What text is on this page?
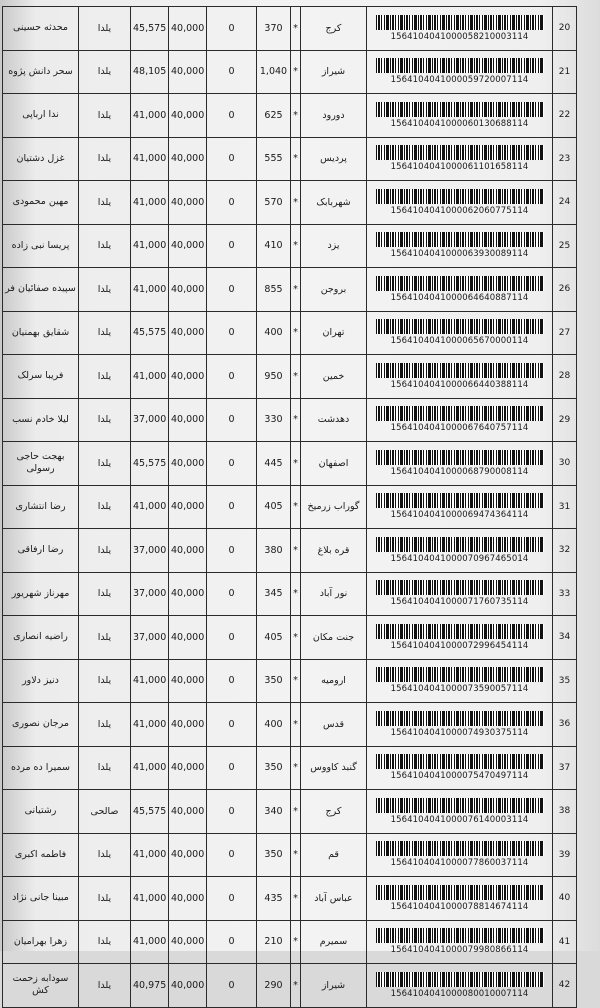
محدثه حسینی	یلدا	45,575	40,000	0	370	*	کرج	1564104041000058210003114	20
سحر دانش پژوه	یلدا	48,105	40,000	0	1,040	*	شیراز	1564104041000059720007114	21
ندا ارباپی	یلدا	41,000	40,000	0	625	*	دورود	1564104041000060130688114	22
غزل دشتیان	یلدا	41,000	40,000	0	555	*	پردیس	1564104041000061101658114	23
مهین محمودی	یلدا	41,000	40,000	0	570	*	شهربابک	1564104041000062060775114	24
پریسا نبی زاده	یلدا	41,000	40,000	0	410	*	یزد	1564104041000063930089114	25
سپیده صفائیان فر	یلدا	41,000	40,000	0	855	*	بروجن	1564104041000064640887114	26
شقایق بهمنیان	یلدا	45,575	40,000	0	400	*	تهران	1564104041000065670000114	27
فریبا سرلک	یلدا	41,000	40,000	0	950	*	خمین	1564104041000066440388114	28
لیلا خادم نسب	یلدا	37,000	40,000	0	330	*	دهدشت	1564104041000067640757114	29
بهجت حاجی رسولی	یلدا	45,575	40,000	0	445	*	اصفهان	1564104041000068790008114	30
رضا انتشاری	یلدا	41,000	40,000	0	405	*	گوراب زرمیخ	1564104041000069474364114	31
رضا ارفاقی	یلدا	37,000	40,000	0	380	*	قره بلاغ	1564104041000070967465014	32
مهرناز شهریور	یلدا	37,000	40,000	0	345	*	نور آباد	1564104041000071760735114	33
راضیه انصاری	یلدا	37,000	40,000	0	405	*	جنت مکان	1564104041000072996454114	34
دنیز دلاور	یلدا	41,000	40,000	0	350	*	ارومیه	1564104041000073590057114	35
مرجان نصوری	یلدا	41,000	40,000	0	400	*	قدس	1564104041000074930375114	36
سمیرا ده مرده	یلدا	41,000	40,000	0	350	*	گنبد کاووس	1564104041000075470497114	37
رشتیانی	صالحی	45,575	40,000	0	340	*	کرج	1564104041000076140003114	38
فاطمه اکبری	یلدا	41,000	40,000	0	350	*	قم	1564104041000077860037114	39
مبینا جانی نژاد	یلدا	41,000	40,000	0	435	*	عباس آباد	1564104041000078814674114	40
زهرا بهرامیان	یلدا	41,000	40,000	0	210	*	سمیرم	1564104041000079980866114	41
سودابه زحمت کش	یلدا	40,975	40,000	0	290	*	شیراز	1564104041000080010007114	42
